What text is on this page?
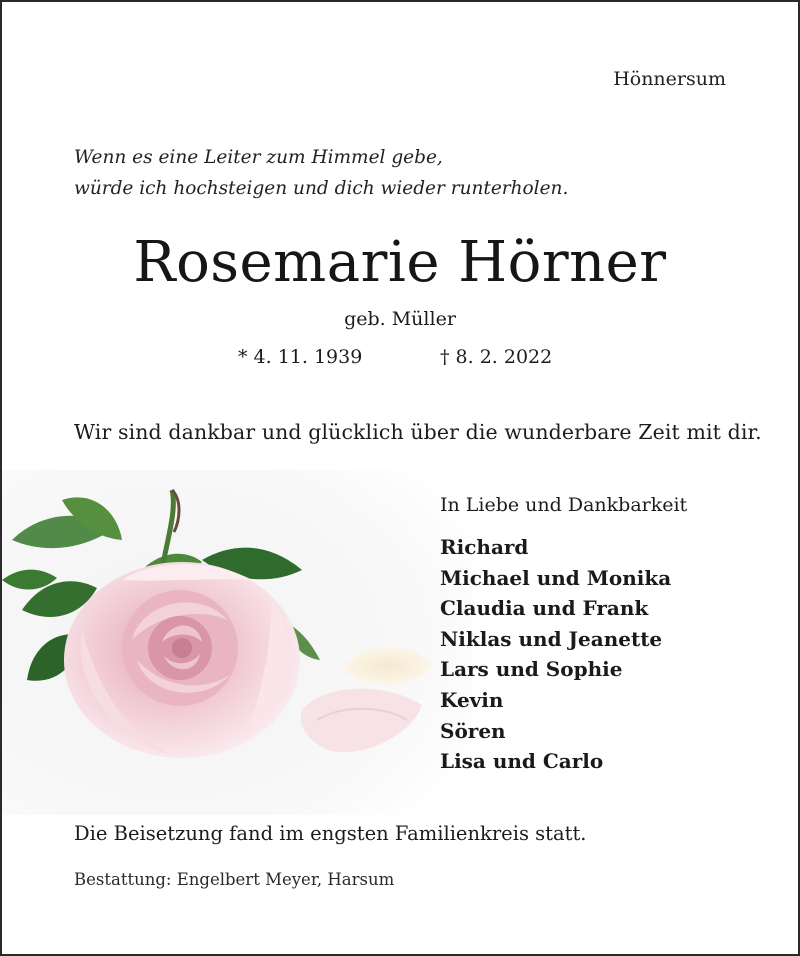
Hönnersum
Wenn es eine Leiter zum Himmel gebe,
würde ich hochsteigen und dich wieder runterholen.
Rosemarie Hörner
geb. Müller
* 4. 11. 1939	† 8. 2. 2022
Wir sind dankbar und glücklich über die wunderbare Zeit mit dir.
In Liebe und Dankbarkeit
Richard
Michael und Monika
Claudia und Frank
Niklas und Jeanette
Lars und Sophie
Kevin
Sören
Lisa und Carlo
Die Beisetzung fand im engsten Familienkreis statt.
Bestattung: Engelbert Meyer, Harsum
